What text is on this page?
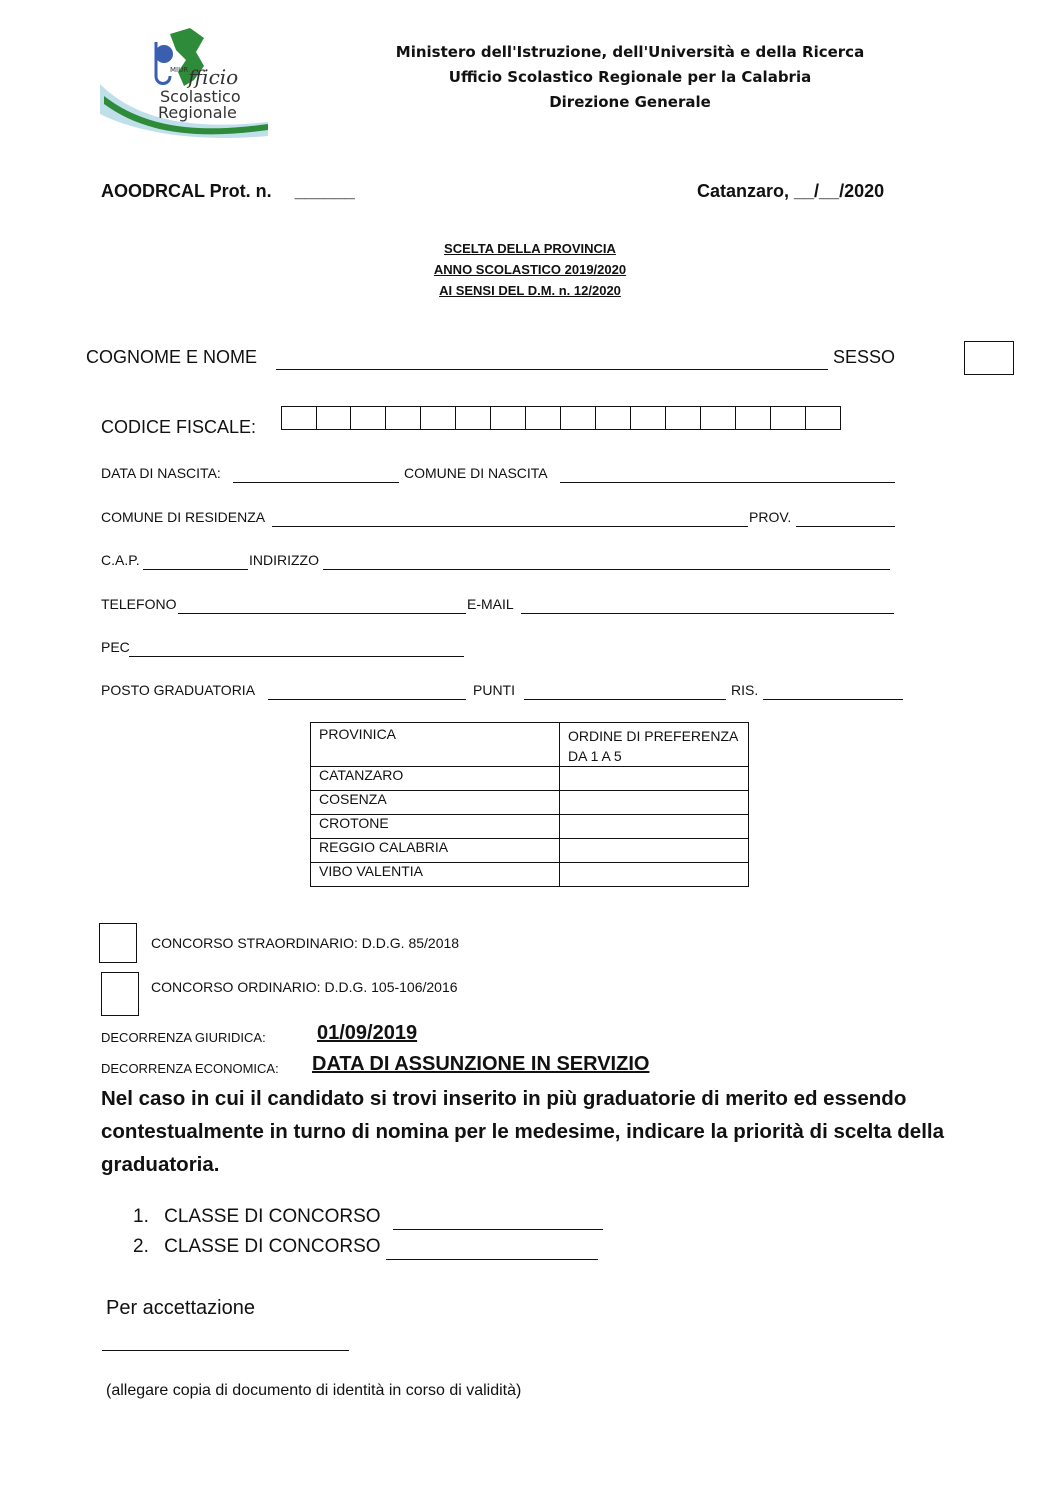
MIUR fficio
Scolastico
Regionale
Ministero dell'Istruzione, dell'Università e della Ricerca
Ufficio Scolastico Regionale per la Calabria
Direzione Generale
AOODRCAL Prot. n. ______	Catanzaro, __/__/2020
SCELTA DELLA PROVINCIA
ANNO SCOLASTICO 2019/2020
AI SENSI DEL D.M. n. 12/2020
COGNOME E NOME	SESSO
CODICE FISCALE:
DATA DI NASCITA:	COMUNE DI NASCITA
COMUNE DI RESIDENZA	PROV.
C.A.P.	INDIRIZZO
TELEFONO	E-MAIL
PEC
POSTO GRADUATORIA	PUNTI	RIS.
PROVINICA	ORDINE DI PREFERENZA DA 1 A 5
CATANZARO	
COSENZA	
CROTONE	
REGGIO CALABRIA	
VIBO VALENTIA	
CONCORSO STRAORDINARIO: D.D.G. 85/2018
CONCORSO ORDINARIO: D.D.G. 105-106/2016
DECORRENZA GIURIDICA:	01/09/2019
DECORRENZA ECONOMICA: DATA DI ASSUNZIONE IN SERVIZIO
Nel caso in cui il candidato si trovi inserito in più graduatorie di merito ed essendo contestualmente in turno di nomina per le medesime, indicare la priorità di scelta della graduatoria.
1. CLASSE DI CONCORSO
2. CLASSE DI CONCORSO
Per accettazione
(allegare copia di documento di identità in corso di validità)
